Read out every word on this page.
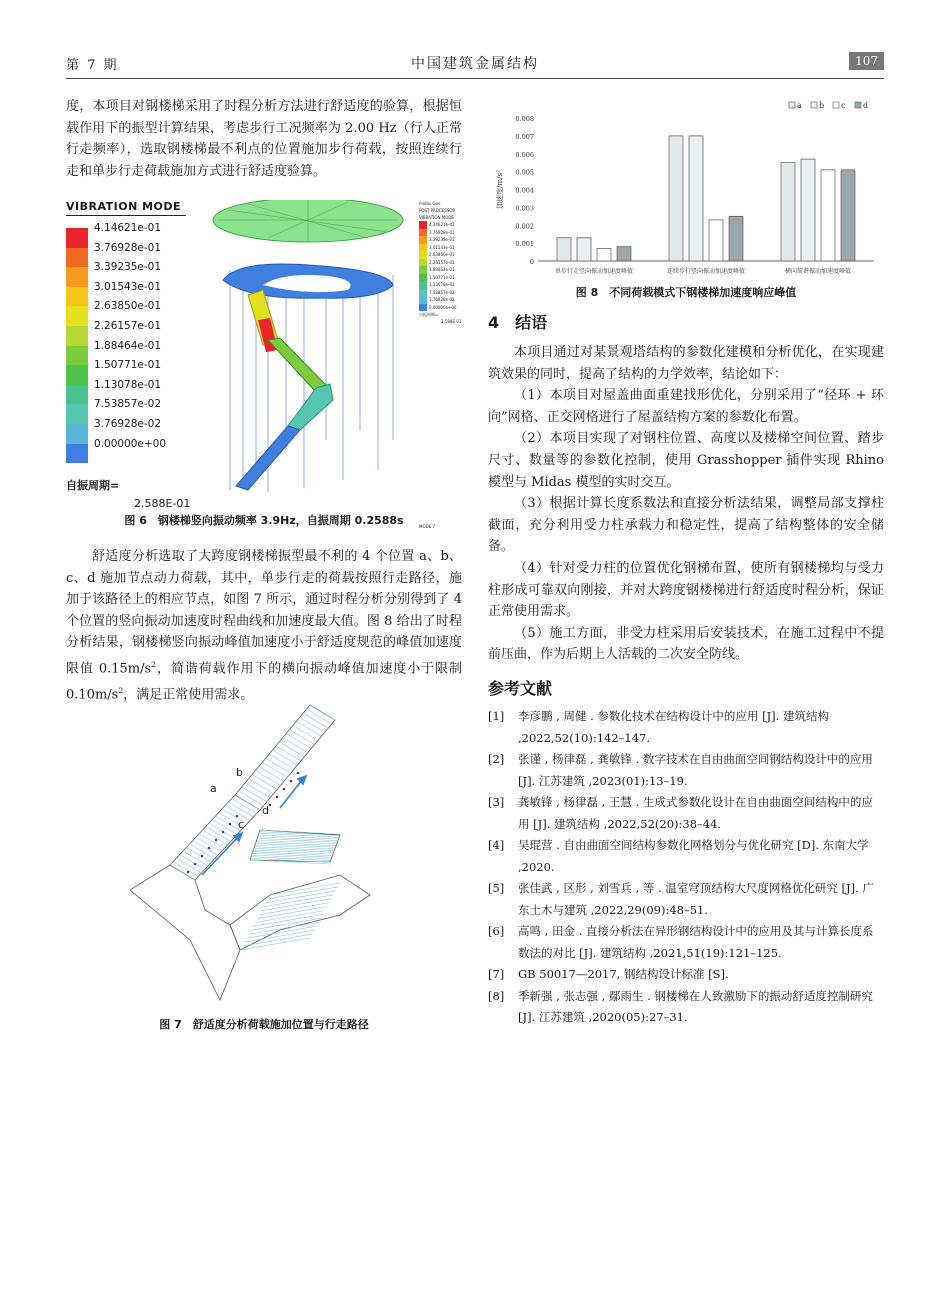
第 7 期	中国建筑金属结构	107

度，本项目对钢楼梯采用了时程分析方法进行舒适度的验算，根据恒载作用下的振型计算结果，考虑步行工况频率为 2.00 Hz（行人正常行走频率），选取钢楼梯最不利点的位置施加步行荷载，按照连续行走和单步行走荷载施加方式进行舒适度验算。

VIBRATION MODE
4.14621e-01
3.76928e-01
3.39235e-01
3.01543e-01
2.63850e-01
2.26157e-01
1.88464e-01
1.50771e-01
1.13078e-01
7.53857e-02
3.76928e-02
0.00000e+00
自振周期=
2.588E-01
midas Gen
POST-PROCESSOR
VIBRATION MODE
4.14621e-01
3.76928e-01
3.39235e-01
3.01543e-01
2.63850e-01
2.26157e-01
1.88464e-01
1.50771e-01
1.13078e-01
7.53857e-02
3.76928e-02
0.00000e+00
自振周期=
2.588E-01
MODE 7
图 6　钢楼梯竖向振动频率 3.9Hz，自振周期 0.2588s

舒适度分析选取了大跨度钢楼梯振型最不利的 4 个位置 a、b、c、d 施加节点动力荷载，其中，单步行走的荷载按照行走路径，施加于该路径上的相应节点，如图 7 所示，通过时程分析分别得到了 4 个位置的竖向振动加速度时程曲线和加速度最大值。图 8 给出了时程分析结果，钢楼梯竖向振动峰值加速度小于舒适度规范的峰值加速度限值 $0.15m/s^2$，简谐荷载作用下的横向振动峰值加速度小于限制 $0.10m/s^2$，满足正常使用需求。

a
b
c
d
图 7　舒适度分析荷载施加位置与行走路径
0
0.001
0.002
0.003
0.004
0.005
0.006
0.007
0.008
加速度/m/s²
单步行走竖向振动加速度峰值	连续步行竖向振动加速度峰值	横向简谐振动加速度峰值
a b c d
图 8　不同荷载模式下钢楼梯加速度响应峰值
4　结语

本项目通过对某景观塔结构的参数化建模和分析优化，在实现建筑效果的同时，提高了结构的力学效率，结论如下：

（1）本项目对屋盖曲面重建找形优化，分别采用了“径环 + 环向”网格、正交网格进行了屋盖结构方案的参数化布置。

（2）本项目实现了对钢柱位置、高度以及楼梯空间位置、踏步尺寸、数量等的参数化控制，使用 Grasshopper 插件实现 Rhino 模型与 Midas 模型的实时交互。

（3）根据计算长度系数法和直接分析法结果，调整局部支撑柱截面，充分利用受力柱承载力和稳定性，提高了结构整体的安全储备。

（4）针对受力柱的位置优化钢梯布置，使所有钢楼梯均与受力柱形成可靠双向刚接，并对大跨度钢楼梯进行舒适度时程分析，保证正常使用需求。

（5）施工方面，非受力柱采用后安装技术，在施工过程中不提前压曲，作为后期上人活载的二次安全防线。

参考文献
[1]	李彦鹏 , 周健 . 参数化技术在结构设计中的应用 [J]. 建筑结构 ,2022,52(10):142–147.
[2]	张谨 , 杨律磊 , 龚敏锋 . 数字技术在自由曲面空间钢结构设计中的应用 [J]. 江苏建筑 ,2023(01):13–19.
[3]	龚敏锋 , 杨律磊 , 王慧 . 生成式参数化设计在自由曲面空间结构中的应用 [J]. 建筑结构 ,2022,52(20):38–44.
[4]	吴琨营 . 自由曲面空间结构参数化网格划分与优化研究 [D]. 东南大学 ,2020.
[5]	张佳武 , 区形 , 刘雪兵 , 等 . 温室穹顶结构大尺度网格优化研究 [J]. 广东土木与建筑 ,2022,29(09):48–51.
[6]	高鸣 , 田金 . 直接分析法在异形钢结构设计中的应用及其与计算长度系数法的对比 [J]. 建筑结构 ,2021,51(19):121–125.
[7]	GB 50017—2017, 钢结构设计标准 [S].
[8]	季新强 , 张志强 , 鄢雨生 . 钢楼梯在人致激励下的振动舒适度控制研究 [J]. 江苏建筑 ,2020(05):27–31.
